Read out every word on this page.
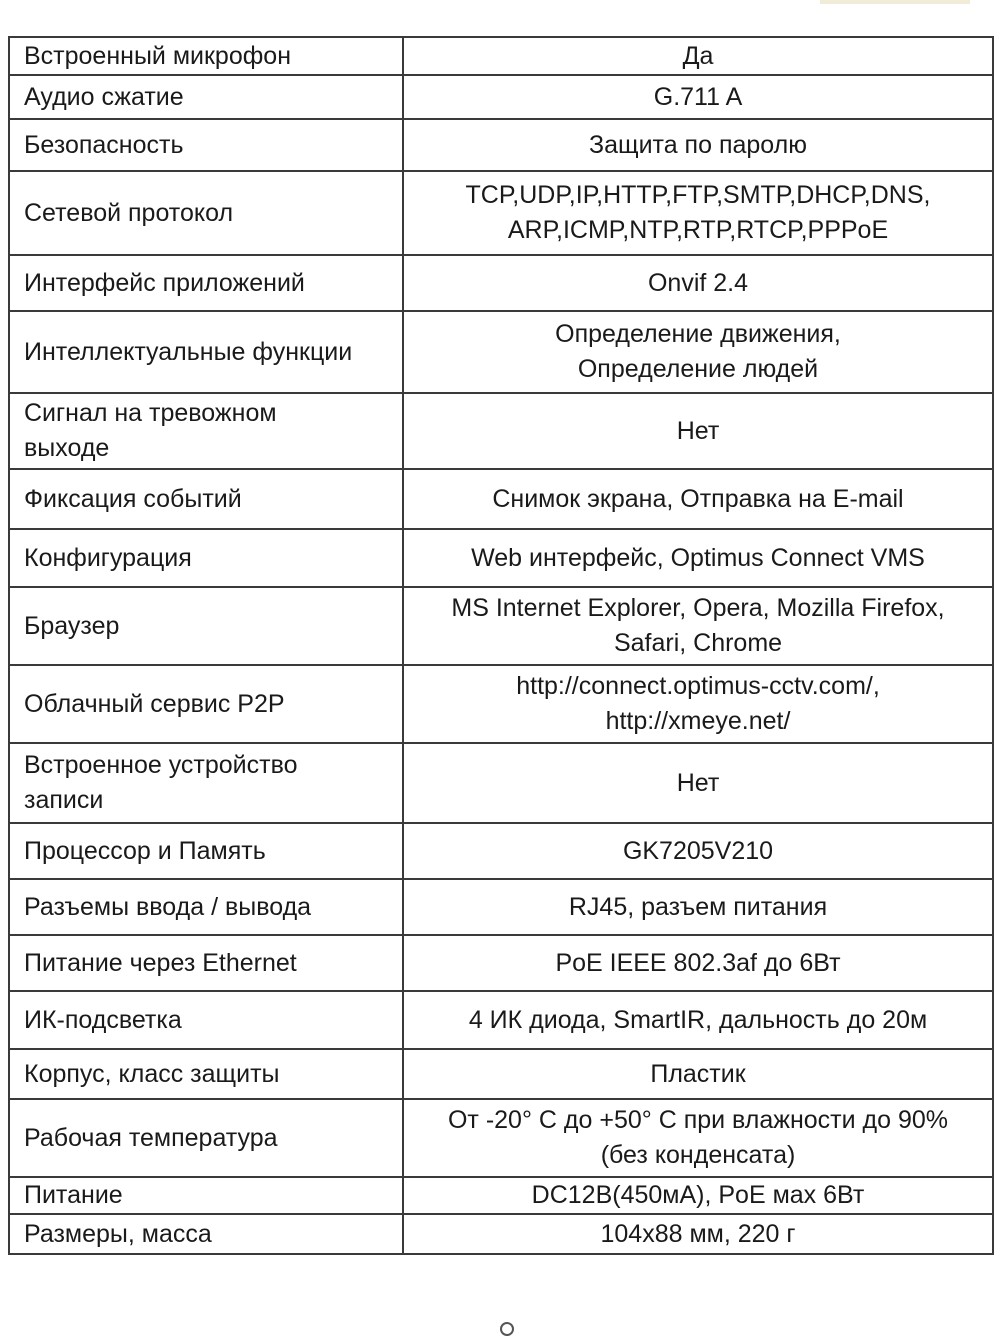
Встроенный микрофон	Да
Аудио сжатие	G.711 A
Безопасность	Защита по паролю
Сетевой протокол	TCP,UDP,IP,HTTP,FTP,SMTP,DHCP,DNS,
ARP,ICMP,NTP,RTP,RTCP,PPPoE

Интерфейс приложений	Onvif 2.4
Интеллектуальные функции	Определение движения,
Определение людей

Сигнал на тревожном
выходе	Нет
Фиксация событий	Снимок экрана, Отправка на E-mail
Конфигурация	Web интерфейс, Optimus Connect VMS
Браузер	MS Internet Explorer, Opera, Mozilla Firefox,
Safari, Chrome

Облачный сервис P2P	http://connect.optimus-cctv.com/,
http://xmeye.net/

Встроенное устройство
записи	Нет
Процессор и Память	GK7205V210
Разъемы ввода / вывода	RJ45, разъем питания
Питание через Ethernet	PoE IEEE 802.3af до 6Вт
ИК-подсветка	4 ИК диода, SmartIR, дальность до 20м
Корпус, класс защиты	Пластик
Рабочая температура	От -20° С до +50° С при влажности до 90%
(без конденсата)

Питание	DC12В(450мА), PoE мах 6Вт
Размеры, масса	104x88 мм, 220 г
